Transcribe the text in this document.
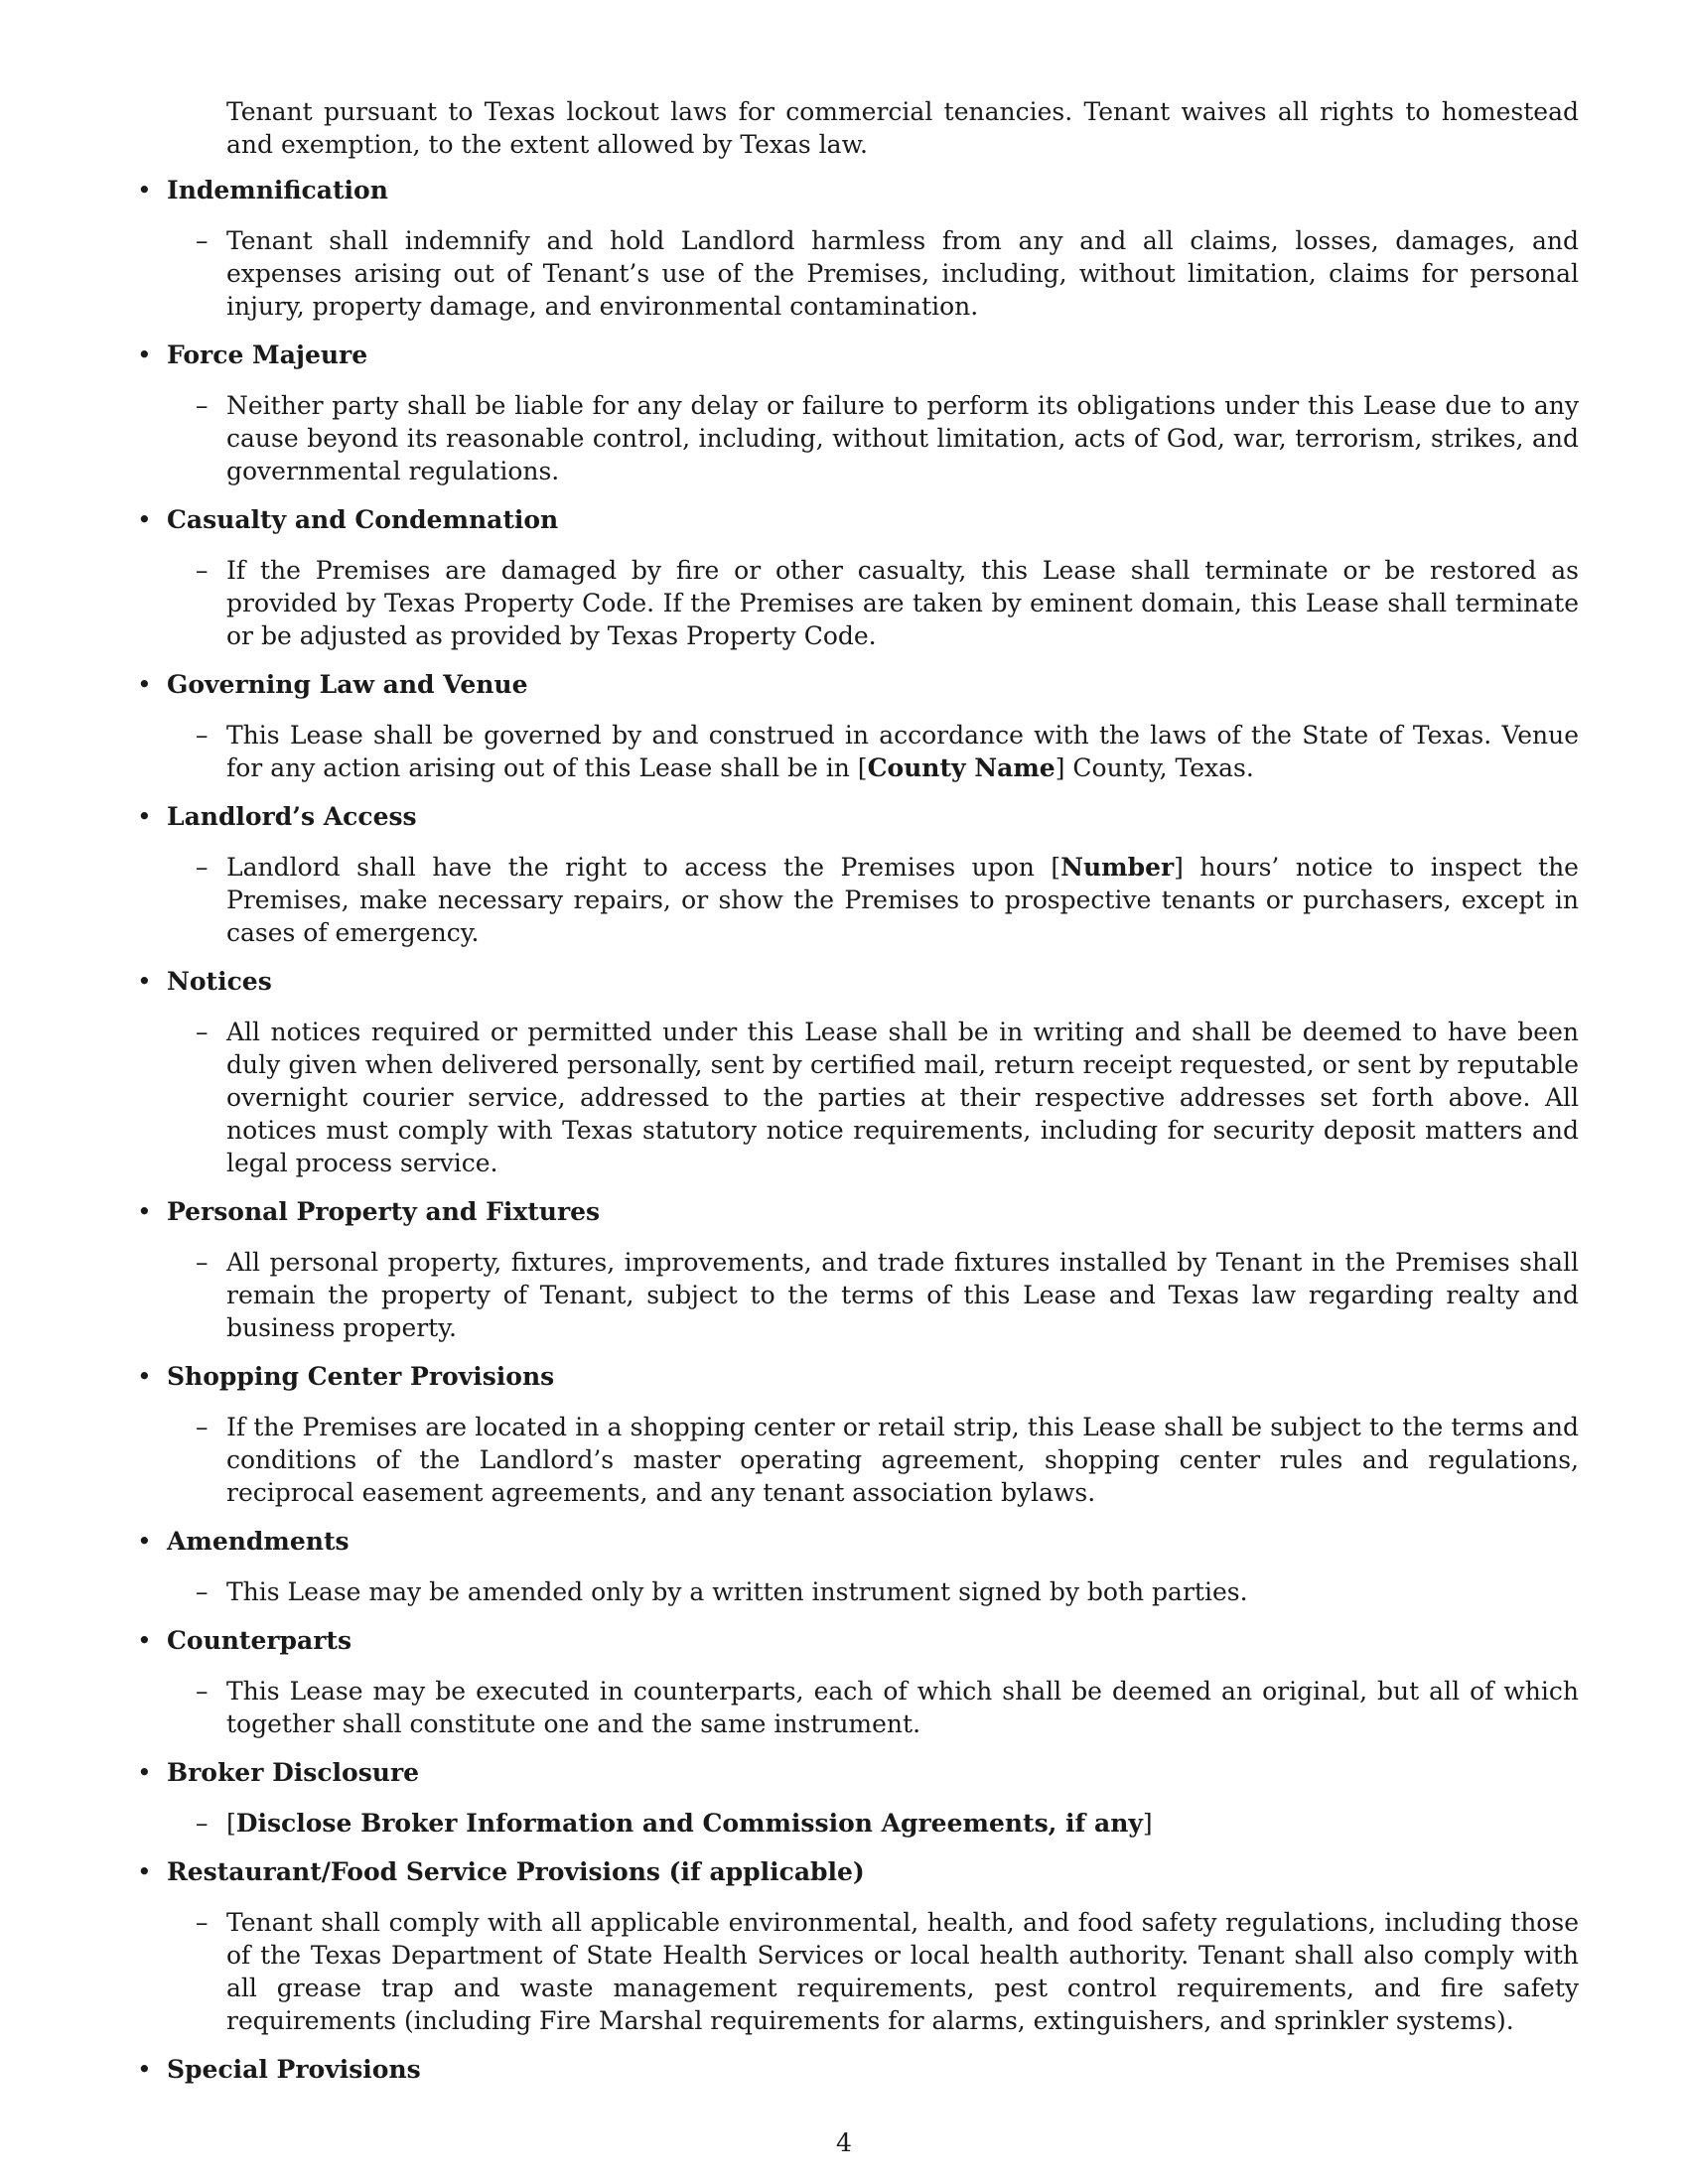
Tenant pursuant to Texas lockout laws for commercial tenancies. Tenant waives all rights to homestead and exemption, to the extent allowed by Texas law.

• Indemnification

– Tenant shall indemnify and hold Landlord harmless from any and all claims, losses, damages, and expenses arising out of Tenant’s use of the Premises, including, without limitation, claims for personal injury, property damage, and environmental contamination.

• Force Majeure

– Neither party shall be liable for any delay or failure to perform its obligations under this Lease due to any cause beyond its reasonable control, including, without limitation, acts of God, war, terrorism, strikes, and governmental regulations.

• Casualty and Condemnation

– If the Premises are damaged by fire or other casualty, this Lease shall terminate or be restored as provided by Texas Property Code. If the Premises are taken by eminent domain, this Lease shall terminate or be adjusted as provided by Texas Property Code.

• Governing Law and Venue

– This Lease shall be governed by and construed in accordance with the laws of the State of Texas. Venue for any action arising out of this Lease shall be in [County Name] County, Texas.

• Landlord’s Access

– Landlord shall have the right to access the Premises upon [Number] hours’ notice to inspect the Premises, make necessary repairs, or show the Premises to prospective tenants or purchasers, except in cases of emergency.

• Notices

– All notices required or permitted under this Lease shall be in writing and shall be deemed to have been duly given when delivered personally, sent by certified mail, return receipt requested, or sent by reputable overnight courier service, addressed to the parties at their respective addresses set forth above. All notices must comply with Texas statutory notice requirements, including for security deposit matters and legal process service.

• Personal Property and Fixtures

– All personal property, fixtures, improvements, and trade fixtures installed by Tenant in the Premises shall remain the property of Tenant, subject to the terms of this Lease and Texas law regarding realty and business property.

• Shopping Center Provisions

– If the Premises are located in a shopping center or retail strip, this Lease shall be subject to the terms and conditions of the Landlord’s master operating agreement, shopping center rules and regulations, reciprocal easement agreements, and any tenant association bylaws.

• Amendments

– This Lease may be amended only by a written instrument signed by both parties.

• Counterparts

– This Lease may be executed in counterparts, each of which shall be deemed an original, but all of which together shall constitute one and the same instrument.

• Broker Disclosure

– [Disclose Broker Information and Commission Agreements, if any]

• Restaurant/Food Service Provisions (if applicable)

– Tenant shall comply with all applicable environmental, health, and food safety regulations, including those of the Texas Department of State Health Services or local health authority. Tenant shall also comply with all grease trap and waste management requirements, pest control requirements, and fire safety requirements (including Fire Marshal requirements for alarms, extinguishers, and sprinkler systems).

• Special Provisions
4
